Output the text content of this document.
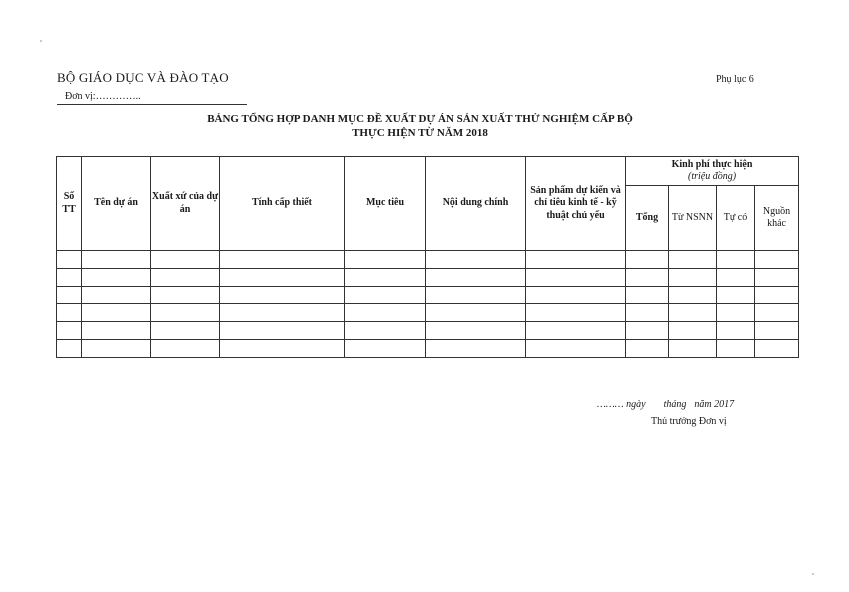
BỘ GIÁO DỤC VÀ ĐÀO TẠO
Đơn vị:…………..
Phụ lục 6
BẢNG TỔNG HỢP DANH MỤC ĐỀ XUẤT DỰ ÁN SẢN XUẤT THỬ NGHIỆM CẤP BỘ
THỰC HIỆN TỪ NĂM 2018
Số TT	Tên dự án	Xuất xứ của dự án	Tính cấp thiết	Mục tiêu	Nội dung chính	Sản phẩm dự kiến và chỉ tiêu kinh tế - kỹ thuật chủ yếu	Kinh phí thực hiện
(triệu đồng)			

							Tổng	Từ NSNN	Tự có	Nguồn khác

……… ngày tháng năm 2017
Thủ trưởng Đơn vị
